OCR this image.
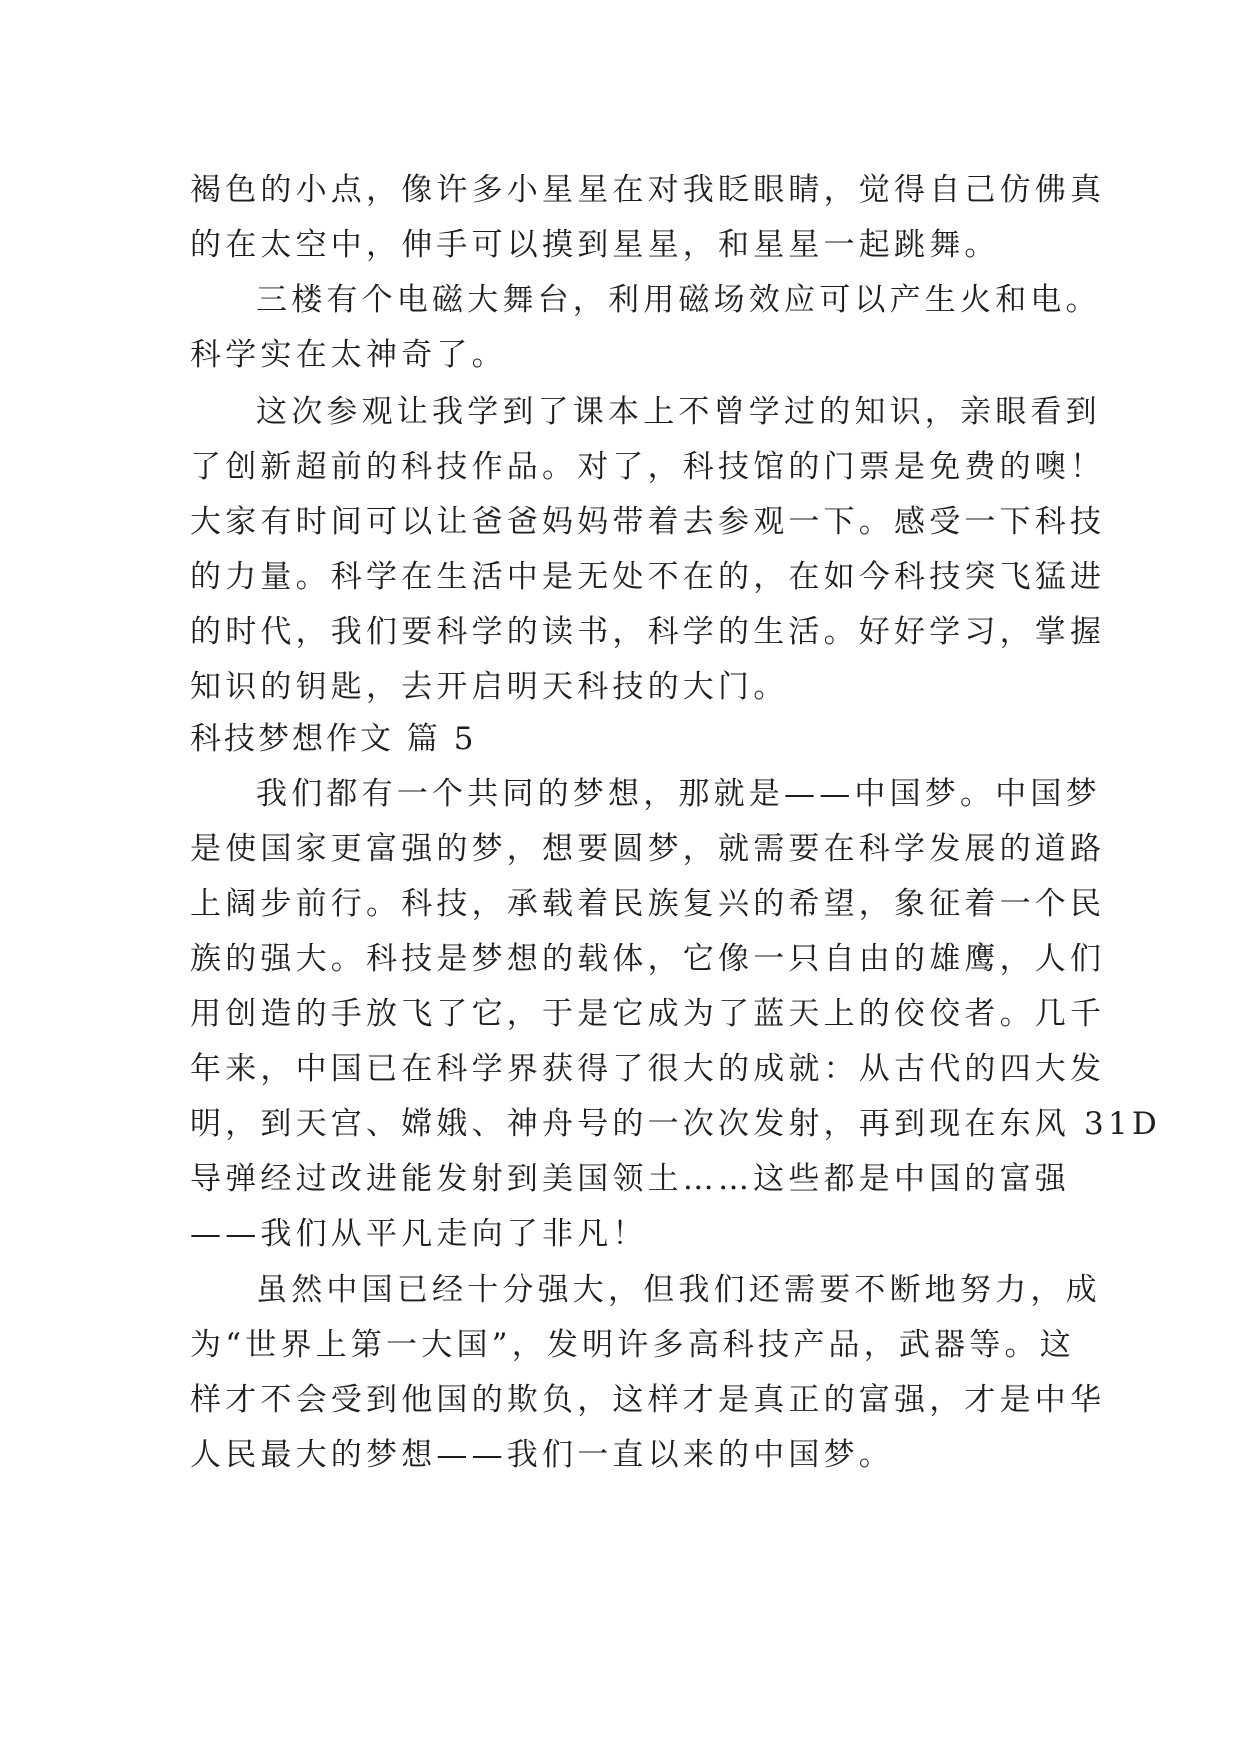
褐色的小点，像许多小星星在对我眨眼睛，觉得自己仿佛真

的在太空中，伸手可以摸到星星，和星星一起跳舞。

三楼有个电磁大舞台，利用磁场效应可以产生火和电。

科学实在太神奇了。

这次参观让我学到了课本上不曾学过的知识，亲眼看到

了创新超前的科技作品。对了，科技馆的门票是免费的噢！

大家有时间可以让爸爸妈妈带着去参观一下。感受一下科技

的力量。科学在生活中是无处不在的，在如今科技突飞猛进

的时代，我们要科学的读书，科学的生活。好好学习，掌握

知识的钥匙，去开启明天科技的大门。

科技梦想作文 篇 5

我们都有一个共同的梦想，那就是——中国梦。中国梦

是使国家更富强的梦，想要圆梦，就需要在科学发展的道路

上阔步前行。科技，承载着民族复兴的希望，象征着一个民

族的强大。科技是梦想的载体，它像一只自由的雄鹰，人们

用创造的手放飞了它，于是它成为了蓝天上的佼佼者。几千

年来，中国已在科学界获得了很大的成就：从古代的四大发

明，到天宫、嫦娥、神舟号的一次次发射，再到现在东风 31D

导弹经过改进能发射到美国领土……这些都是中国的富强

——我们从平凡走向了非凡！

虽然中国已经十分强大，但我们还需要不断地努力，成

为“世界上第一大国”，发明许多高科技产品，武器等。这

样才不会受到他国的欺负，这样才是真正的富强，才是中华

人民最大的梦想——我们一直以来的中国梦。
